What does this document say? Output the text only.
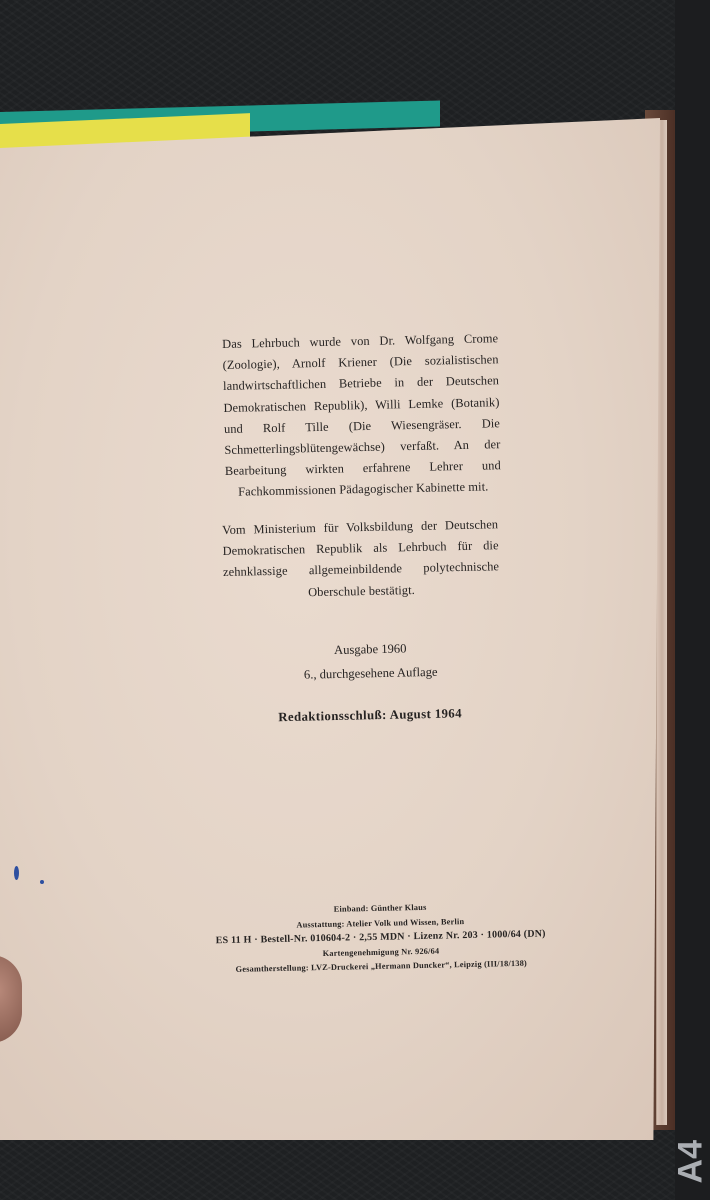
Das Lehrbuch wurde von Dr. Wolfgang Crome (Zoologie), Arnolf Kriener (Die sozialistischen landwirtschaftlichen Betriebe in der Deutschen Demokratischen Republik), Willi Lemke (Botanik) und Rolf Tille (Die Wiesengräser. Die Schmetterlingsblütengewächse) verfaßt. An der Bearbeitung wirkten erfahrene Lehrer und Fachkommissionen Pädagogischer Kabinette mit.
Vom Ministerium für Volksbildung der Deutschen Demokratischen Republik als Lehrbuch für die zehnklassige allgemeinbildende polytechnische Oberschule bestätigt.
Ausgabe 1960
6., durchgesehene Auflage
Redaktionsschluß: August 1964
Einband: Günther Klaus
Ausstattung: Atelier Volk und Wissen, Berlin
ES 11 H · Bestell-Nr. 010604-2 · 2,55 MDN · Lizenz Nr. 203 · 1000/64 (DN)
Kartengenehmigung Nr. 926/64
Gesamtherstellung: LVZ-Druckerei „Hermann Duncker“, Leipzig (III/18/138)
A4
